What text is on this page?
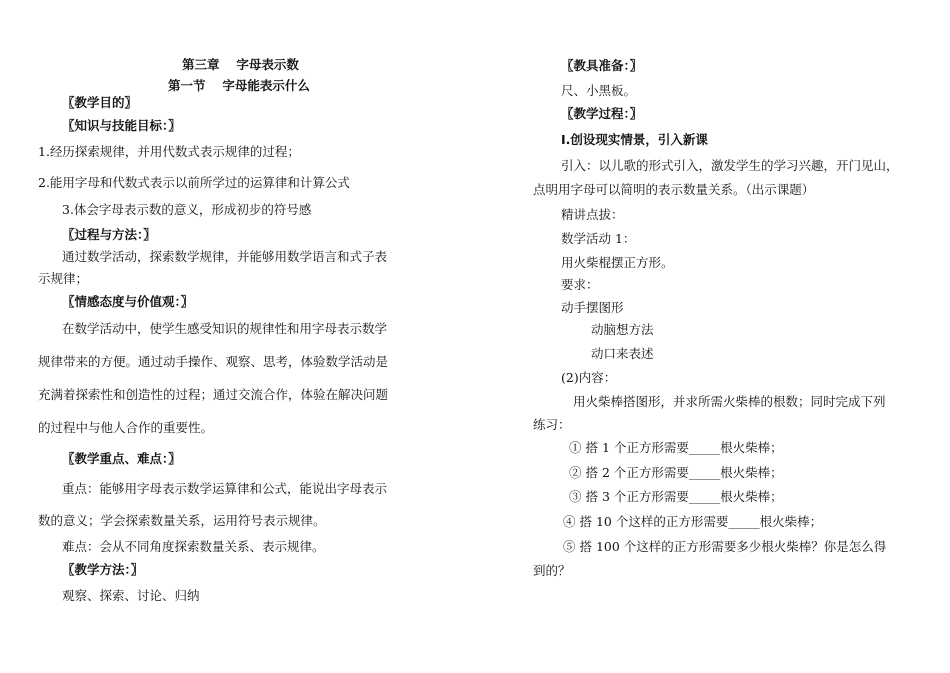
第三章　 字母表示数
第一节　 字母能表示什么
〖教学目的〗
〖知识与技能目标：〗
1.经历探索规律，并用代数式表示规律的过程；
2.能用字母和代数式表示以前所学过的运算律和计算公式
3.体会字母表示数的意义，形成初步的符号感
〖过程与方法：〗
通过数学活动，探索数学规律，并能够用数学语言和式子表
示规律；
〖情感态度与价值观：〗
在数学活动中，使学生感受知识的规律性和用字母表示数学
规律带来的方便。通过动手操作、观察、思考，体验数学活动是
充满着探索性和创造性的过程；通过交流合作，体验在解决问题
的过程中与他人合作的重要性。
〖教学重点、难点：〗
重点：能够用字母表示数学运算律和公式，能说出字母表示
数的意义；学会探索数量关系，运用符号表示规律。
难点：会从不同角度探索数量关系、表示规律。
〖教学方法：〗
观察、探索、讨论、归纳
〖教具准备：〗
尺、小黑板。
〖教学过程：〗
Ⅰ.创设现实情景，引入新课
引入：以儿歌的形式引入，激发学生的学习兴趣，开门见山，
点明用字母可以简明的表示数量关系。（出示课题）
精讲点拔：
数学活动 1：
用火柴棍摆正方形。
要求：
动手摆图形
动脑想方法
动口来表述
(2)内容：
用火柴棒搭图形，并求所需火柴棒的根数；同时完成下列
练习：
① 搭 1 个正方形需要_____根火柴棒；
② 搭 2 个正方形需要_____根火柴棒；
③ 搭 3 个正方形需要_____根火柴棒；
④ 搭 10 个这样的正方形需要_____根火柴棒；
⑤ 搭 100 个这样的正方形需要多少根火柴棒？你是怎么得
到的？
